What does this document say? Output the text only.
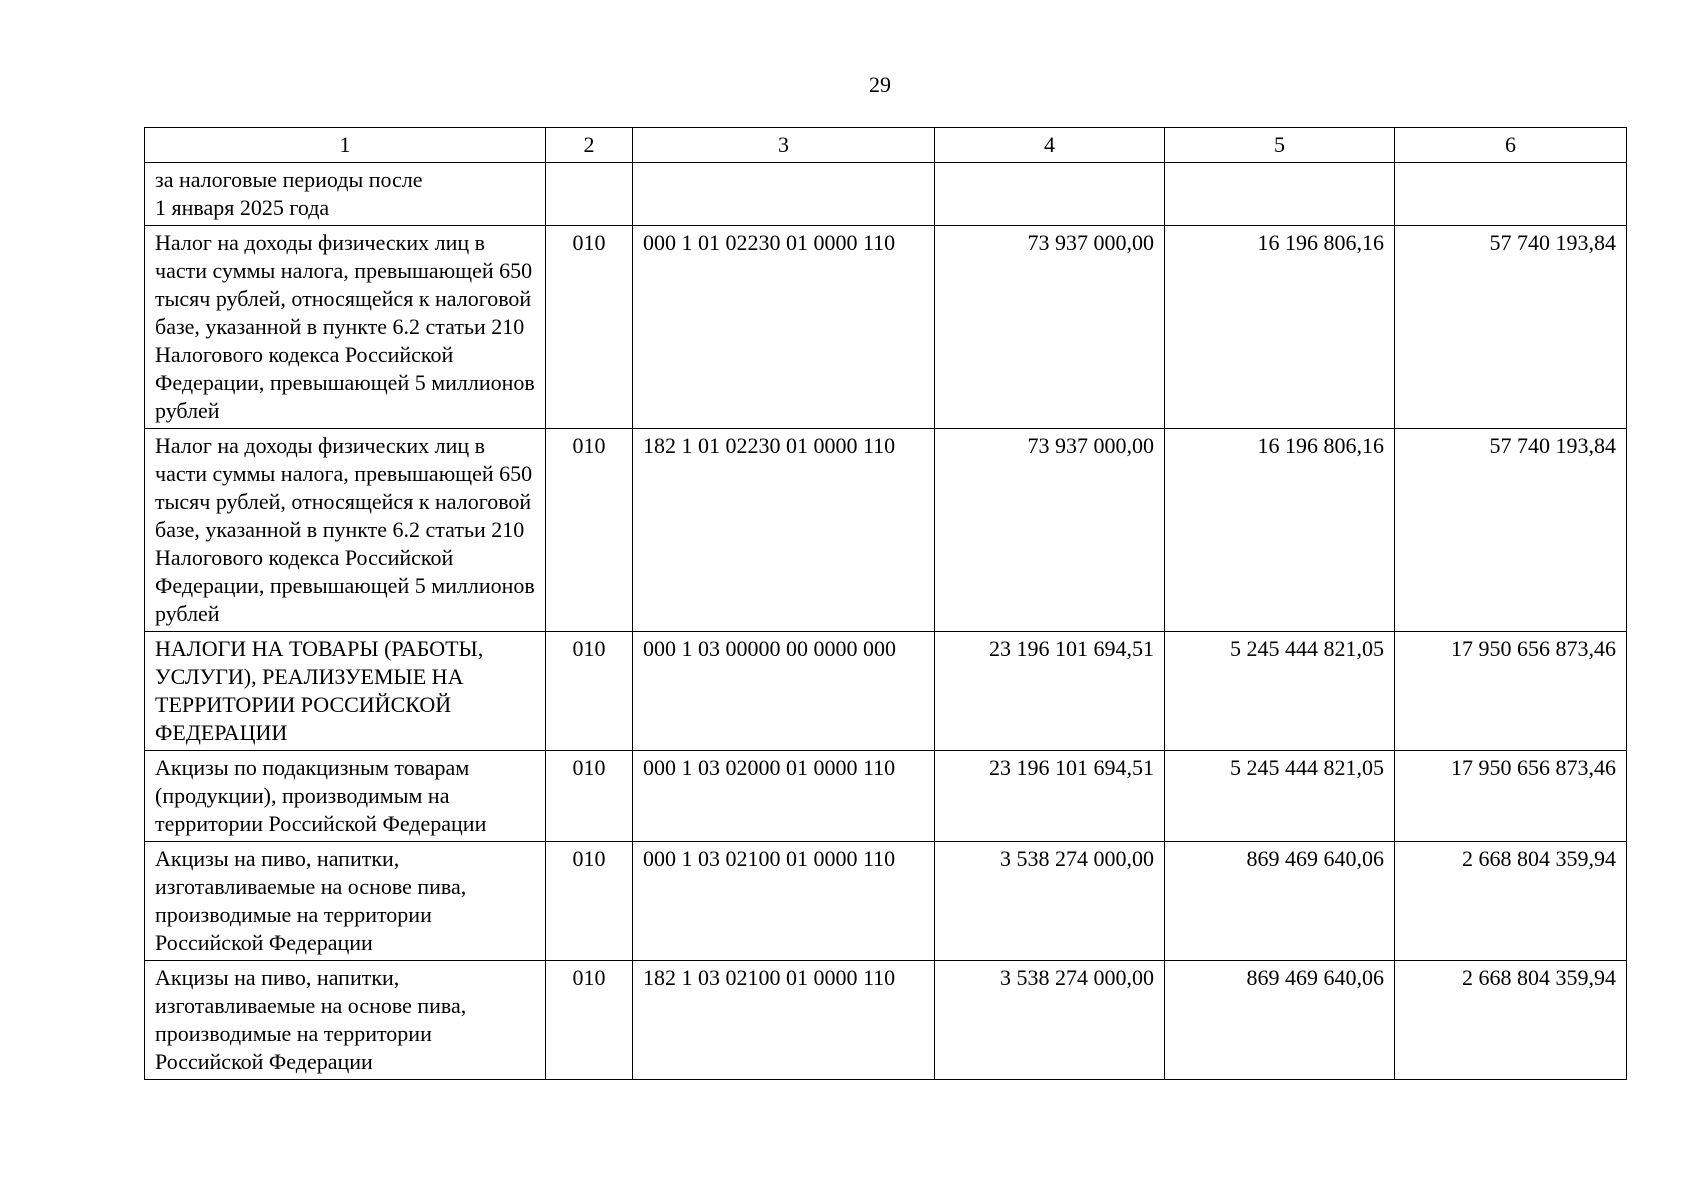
29
1	2	3	4	5	6
за налоговые периоды после
1 января 2025 года					
Налог на доходы физических лиц в части суммы налога, превышающей 650 тысяч рублей, относящейся к налоговой базе, указанной в пункте 6.2 статьи 210 Налогового кодекса Российской Федерации, превышающей 5 миллионов рублей	010	000 1 01 02230 01 0000 110	73 937 000,00	16 196 806,16	57 740 193,84
Налог на доходы физических лиц в части суммы налога, превышающей 650 тысяч рублей, относящейся к налоговой базе, указанной в пункте 6.2 статьи 210 Налогового кодекса Российской Федерации, превышающей 5 миллионов рублей	010	182 1 01 02230 01 0000 110	73 937 000,00	16 196 806,16	57 740 193,84
НАЛОГИ НА ТОВАРЫ (РАБОТЫ, УСЛУГИ), РЕАЛИЗУЕМЫЕ НА ТЕРРИТОРИИ РОССИЙСКОЙ ФЕДЕРАЦИИ	010	000 1 03 00000 00 0000 000	23 196 101 694,51	5 245 444 821,05	17 950 656 873,46
Акцизы по подакцизным товарам (продукции), производимым на территории Российской Федерации	010	000 1 03 02000 01 0000 110	23 196 101 694,51	5 245 444 821,05	17 950 656 873,46
Акцизы на пиво, напитки, изготавливаемые на основе пива, производимые на территории Российской Федерации	010	000 1 03 02100 01 0000 110	3 538 274 000,00	869 469 640,06	2 668 804 359,94
Акцизы на пиво, напитки, изготавливаемые на основе пива, производимые на территории Российской Федерации	010	182 1 03 02100 01 0000 110	3 538 274 000,00	869 469 640,06	2 668 804 359,94
